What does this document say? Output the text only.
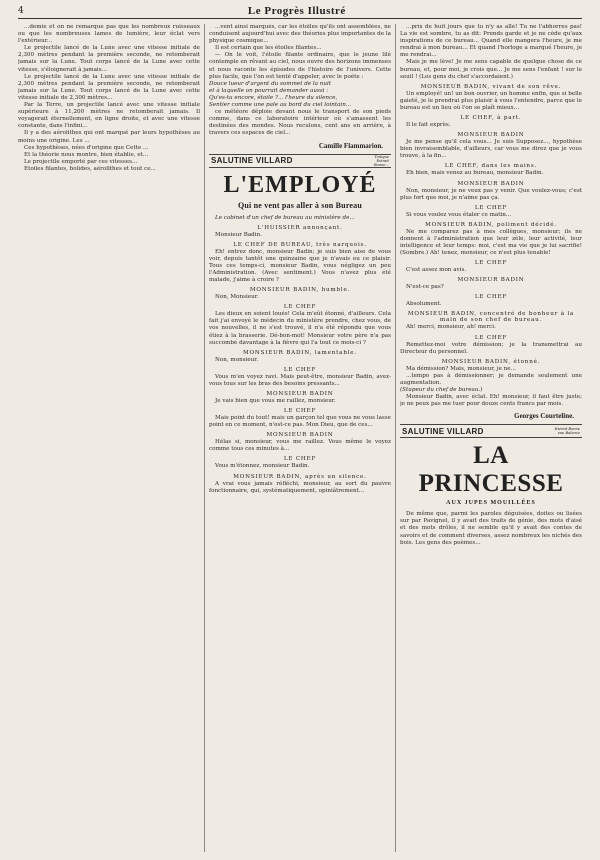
4	Le Progrès Illustré

...demie et on ne remarque pas que les nombreux ruisseaux ou que les nombreuses lames de lumière, leur éclat vers l'extérieur...

Le projectile lancé de la Lune avec une vitesse initiale de 2,300 mètres pendant la première seconde, ne retomberait jamais sur la Lune. Tout corps lancé de la Lune avec cette vitesse, s'éloignerait à jamais...

Le projectile lancé de la Lune avec une vitesse initiale de 2,300 mètres pendant la première seconde, ne retomberait jamais sur la Lune. Tout corps lancé de la Lune avec cette vitesse initiale de 2,300 mètres...

Par la Terre, un projectile lancé avec une vitesse initiale supérieure à 11,200 mètres ne retomberait jamais. Il voyagerait éternellement, en ligne droite, et avec une vitesse constante, dans l'infini...

Il y a des aérolithes qui ont marqué par leurs hypothèses au moins une origine. Les ...

Ces hypothèses, nées d'origine que Cette ...

Et la théorie nous montre, bien établie, et...

Le projectile emporté par ces vitesses...

Etoiles filantes, bolides, aérolithes et tout ce...

...vent ainsi marqués, car les étoiles qu'ils ont assemblées, ne conduisent aujourd'hui avec des théories plus importantes de la physique cosmique...

Il est certain que les étoiles filantes...

— On le voit, l'étoile filante ordinaire, que le jeune lilé contemple en rêvant au ciel, nous ouvre des horizons immenses et nous raconte les épisodes de l'histoire de l'univers. Cette plus facile, que l'on est tenté d'appeler, avec le poète :

Douce lueur d'argent du sommet de la nuit

et à laquelle on pourrait demander aussi :

Qu'es-tu encore, étoile ?... l'heure du silence,

Sentier comme une pale au bord du ciel lointain...

ce météore déploie devant nous le transport de son pieds comme, dans ce laboratoire intérieur où s'amassent les destinées des mondes. Nous reculons, cent ans en arrière, à travers ces espaces de ciel...

Camille Flammarion.
SALUTINE VILLARD	Tonique Extrait Bonne...
L'EMPLOYÉ
Qui ne vent pas aller à son Bureau

Le cabinet d'un chef de bureau au ministère de...

L'HUISSIER annonçant.

Monsieur Badin.

LE CHEF DE BUREAU, très narquois.

Eh! entrez donc, monsieur Badin; je suis bien aise de vous voir, depuis tantôt une quinzaine que je n'avais eu ce plaisir. Tous ces temps-ci, monsieur Badin, vous négligez un peu l'Administration. (Avec sentiment.) Vous n'avez plus été malade, j'aime à croire ?

MONSIEUR BADIN, humble.

Non, Monsieur.

LE CHEF

Les dieux en soient loués! Cela m'eût étonné, d'ailleurs. Cela fait j'ai envoyé le médecin du ministère prendre, chez vous, de vos nouvelles, il ne s'est trouvé, il n'a été répondu que vous étiez à la brasserie. Dé-bon-mot! Monsieur votre père n'a pas succombé davantage à la fièvre qui l'a tout ce mois-ci ?

MONSIEUR BADIN, lamentable.

Non, monsieur.

LE CHEF

Vous m'en voyez ravi. Mais peut-être, monsieur Badin, avez-vous tous sur les bras des besoins pressants...

MONSIEUR BADIN

Je vais bien que vous me raillez, monsieur.

LE CHEF

Mais point du tout! mais un garçon tel que vous ne vous lasse point en ce moment, n'est-ce pas. Mon Dieu, que de ces...

MONSIEUR BADIN

Hélas si, monsieur, vous me raillez. Vous même le voyez comme tous ces minutes à...

LE CHEF

Vous m'étonnez, monsieur Badin.

MONSIEUR BADIN, après un silence.

A vrai vous jamais réfléchi, monsieur, au sort du pauvre fonctionnaire, qui, systématiquement, opiniâtrement...

...prix de huit jours que tu n'y as allé! Tu ne l'abhorres pas! La vie est sombre, tu as dit: Prends garde et je ne cède qu'aux inspirations de ce bureau... Quand elle mangera l'heure, je me rendrai à mon bureau... Et quand l'horloge a marqué l'heure, je me rendrai...

Mais je me lève! Je me sens capable de quelque chose de ce bureau, et, pour moi, je crois que... Je me sens l'enfant ! sur le seuil ! (Les gens du chef s'accordaient.)

MONSIEUR BADIN, vivant de son rêve.

Un employé! un! un bon ouvrier, un homme enfin, que si belle gaieté, je le prendrai plus plaisir à vous l'entendre, parce que le bureau est un lieu où l'on se plaît mieux...

LE CHEF, à part.

Il le fait exprès.

MONSIEUR BADIN

Je me pense qu'il cela vous... Je suis Supposez..., hypothèse bien invraisemblable, d'ailleurs, car vous me direz que je vous trouve, à la fin...

LE CHEF, dans les mains.

Eh bien, mais venez au bureau, monsieur Badin.

MONSIEUR BADIN

Non, monsieur, je ne veux pas y venir. Que voulez-vous; c'est plus fort que moi, je n'aime pas ça.

LE CHEF

Si vous voulez vous étaler ce matin...

MONSIEUR BADIN, poliment décidé.

Ne me comparez pas à mes collègues, monsieur; ils ne donnent à l'administration que leur zèle, leur activité, leur intelligence et leur temps: moi, c'est ma vie que je lui sacrifie! (Sombre.) Ah! tenez, monsieur, ce n'est plus tenable!

LE CHEF

C'est assez mon avis.

MONSIEUR BADIN

N'est-ce pas?

LE CHEF

Absolument.

MONSIEUR BADIN, concentré de bonheur à la main de son chef de bureau.

Ah! merci, monsieur, ah! merci.

LE CHEF

Remettez-moi votre démission; je la transmettrai au Directeur du personnel.

MONSIEUR BADIN, étonné.

Ma démission? Mais, monsieur, je ne...

...tempo pas à démissionner; je demande seulement une augmentation.

(Stupeur du chef de bureau.)

Monsieur Badin, avec éclat. Eh! monsieur, il faut être juste; je ne peux pas me tuer pour douze cents francs par mois.

Georges Courteline.
SALUTINE VILLARD	Extrait Bonne eau Balance
LA PRINCESSE
AUX JUPES MOUILLÉES

De même que, parmi les paroles déguisées, doites ou lisées sur par Pavignel, il y avait des traits de génie, des mots d'aisé et des mots drôles, il ne semble qu'il y avait des contes de savoirs et de comment diverses, assez nombreux les nichés des bois. Les gens des poèmes...
